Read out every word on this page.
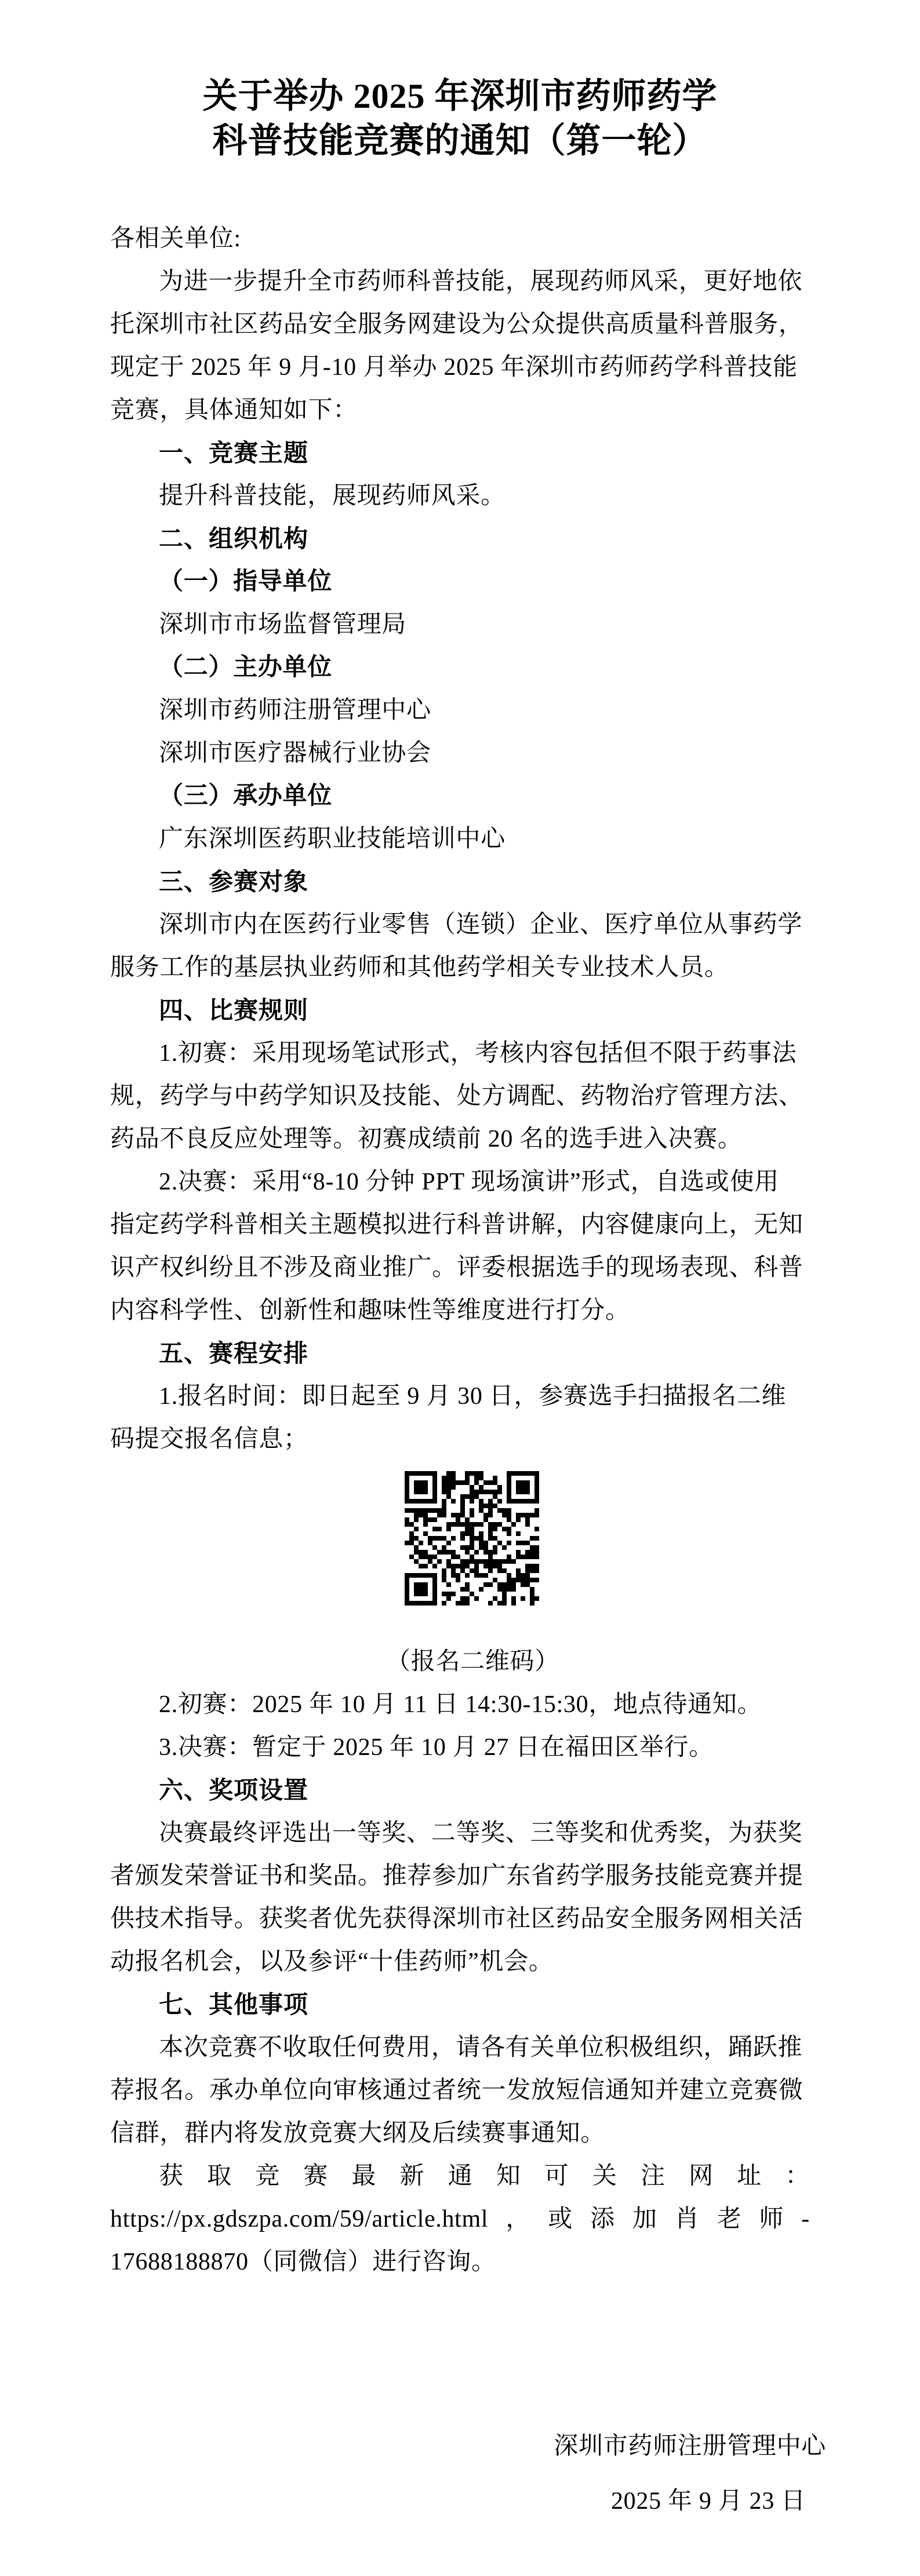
关于举办 2025 年深圳市药师药学
科普技能竞赛的通知（第一轮）
各相关单位:
为进一步提升全市药师科普技能，展现药师风采，更好地依
托深圳市社区药品安全服务网建设为公众提供高质量科普服务，
现定于 2025 年 9 月-10 月举办 2025 年深圳市药师药学科普技能
竞赛，具体通知如下：
一、竞赛主题
提升科普技能，展现药师风采。
二、组织机构
（一）指导单位
深圳市市场监督管理局
（二）主办单位
深圳市药师注册管理中心
深圳市医疗器械行业协会
（三）承办单位
广东深圳医药职业技能培训中心
三、参赛对象
深圳市内在医药行业零售（连锁）企业、医疗单位从事药学
服务工作的基层执业药师和其他药学相关专业技术人员。
四、比赛规则
1.初赛：采用现场笔试形式，考核内容包括但不限于药事法
规，药学与中药学知识及技能、处方调配、药物治疗管理方法、
药品不良反应处理等。初赛成绩前 20 名的选手进入决赛。
2.决赛：采用“8-10 分钟 PPT 现场演讲”形式，自选或使用
指定药学科普相关主题模拟进行科普讲解，内容健康向上，无知
识产权纠纷且不涉及商业推广。评委根据选手的现场表现、科普
内容科学性、创新性和趣味性等维度进行打分。
五、赛程安排
1.报名时间：即日起至 9 月 30 日，参赛选手扫描报名二维
码提交报名信息；
（报名二维码）
2.初赛：2025 年 10 月 11 日 14:30-15:30，地点待通知。
3.决赛：暂定于 2025 年 10 月 27 日在福田区举行。
六、奖项设置
决赛最终评选出一等奖、二等奖、三等奖和优秀奖，为获奖
者颁发荣誉证书和奖品。推荐参加广东省药学服务技能竞赛并提
供技术指导。获奖者优先获得深圳市社区药品安全服务网相关活
动报名机会，以及参评“十佳药师”机会。
七、其他事项
本次竞赛不收取任何费用，请各有关单位积极组织，踊跃推
荐报名。承办单位向审核通过者统一发放短信通知并建立竞赛微
信群，群内将发放竞赛大纲及后续赛事通知。
获取竞赛最新通知可关注网址：
https://px.gdszpa.com/59/article.html，或添加肖老师-
17688188870（同微信）进行咨询。
深圳市药师注册管理中心
2025 年 9 月 23 日
